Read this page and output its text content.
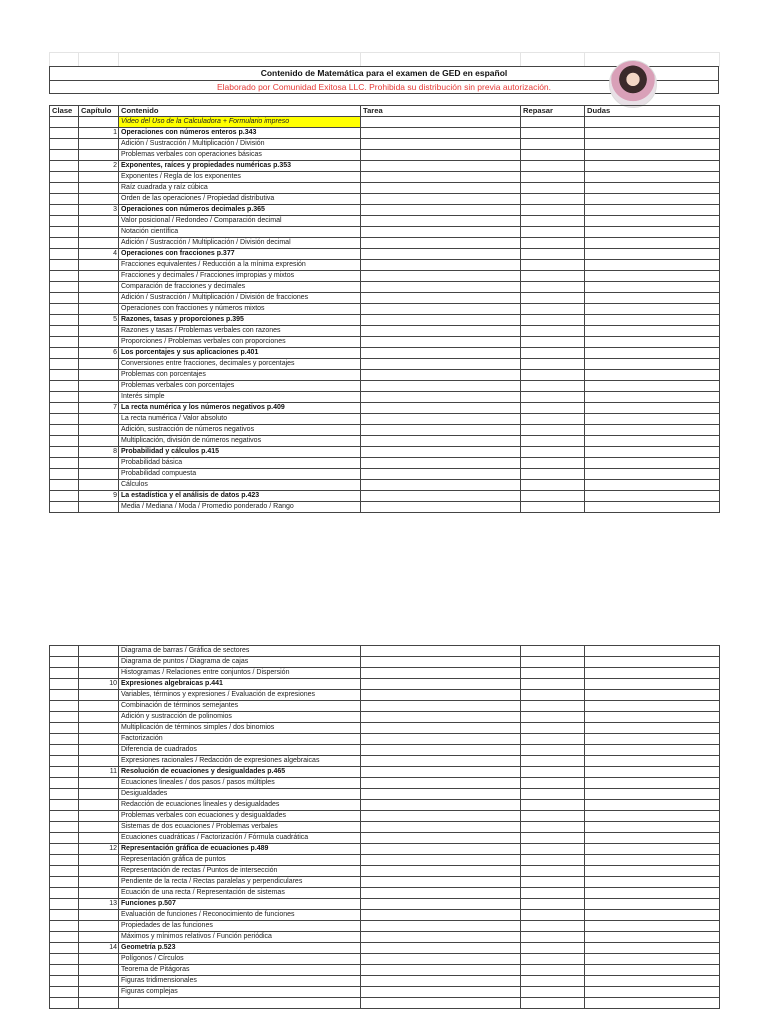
Contenido de Matemática para el examen de GED en español
Elaborado por Comunidad Exitosa LLC. Prohibida su distribución sin previa autorización.
Clase	Capítulo	Contenido	Tarea	Repasar	Dudas
		Video del Uso de la Calculadora + Formulario impreso			
	1	Operaciones con números enteros p.343			
		Adición / Sustracción / Multiplicación / División			
		Problemas verbales con operaciones básicas			
	2	Exponentes, raíces y propiedades numéricas p.353			
		Exponentes / Regla de los exponentes			
		Raíz cuadrada y raíz cúbica			
		Orden de las operaciones / Propiedad distributiva			
	3	Operaciones con números decimales p.365			
		Valor posicional / Redondeo / Comparación decimal			
		Notación científica			
		Adición / Sustracción / Multiplicación / División decimal			
	4	Operaciones con fracciones p.377			
		Fracciones equivalentes / Reducción a la mínima expresión			
		Fracciones y decimales / Fracciones impropias y mixtos			
		Comparación de fracciones y decimales			
		Adición / Sustracción / Multiplicación / División de fracciones			
		Operaciones con fracciones y números mixtos			
	5	Razones, tasas y proporciones p.395			
		Razones y tasas / Problemas verbales con razones			
		Proporciones / Problemas verbales con proporciones			
	6	Los porcentajes y sus aplicaciones p.401			
		Conversiones entre fracciones, decimales y porcentajes			
		Problemas con porcentajes			
		Problemas verbales con porcentajes			
		Interés simple			
	7	La recta numérica y los números negativos p.409			
		La recta numérica / Valor absoluto			
		Adición, sustracción de números negativos			
		Multiplicación, división de números negativos			
	8	Probabilidad y cálculos p.415			
		Probabilidad básica			
		Probabilidad compuesta			
		Cálculos			
	9	La estadística y el análisis de datos p.423			
		Media / Mediana / Moda / Promedio ponderado / Rango			
		Diagrama de barras / Gráfica de sectores			
		Diagrama de puntos / Diagrama de cajas			
		Histogramas / Relaciones entre conjuntos / Dispersión			
	10	Expresiones algebraicas p.441			
		Variables, términos y expresiones / Evaluación de expresiones			
		Combinación de términos semejantes			
		Adición y sustracción de polinomios			
		Multiplicación de términos simples / dos binomios			
		Factorización			
		Diferencia de cuadrados			
		Expresiones racionales / Redacción de expresiones algebraicas			
	11	Resolución de ecuaciones y desigualdades p.465			
		Ecuaciones lineales / dos pasos / pasos múltiples			
		Desigualdades			
		Redacción de ecuaciones lineales y desigualdades			
		Problemas verbales con ecuaciones y desigualdades			
		Sistemas de dos ecuaciones / Problemas verbales			
		Ecuaciones cuadráticas / Factorización / Fórmula cuadrática			
	12	Representación gráfica de ecuaciones p.489			
		Representación gráfica de puntos			
		Representación de rectas / Puntos de intersección			
		Pendiente de la recta / Rectas paralelas y perpendiculares			
		Ecuación de una recta / Representación de sistemas			
	13	Funciones p.507			
		Evaluación de funciones / Reconocimiento de funciones			
		Propiedades de las funciones			
		Máximos y mínimos relativos / Función periódica			
	14	Geometría p.523			
		Polígonos / Círculos			
		Teorema de Pitágoras			
		Figuras tridimensionales			
		Figuras complejas			
